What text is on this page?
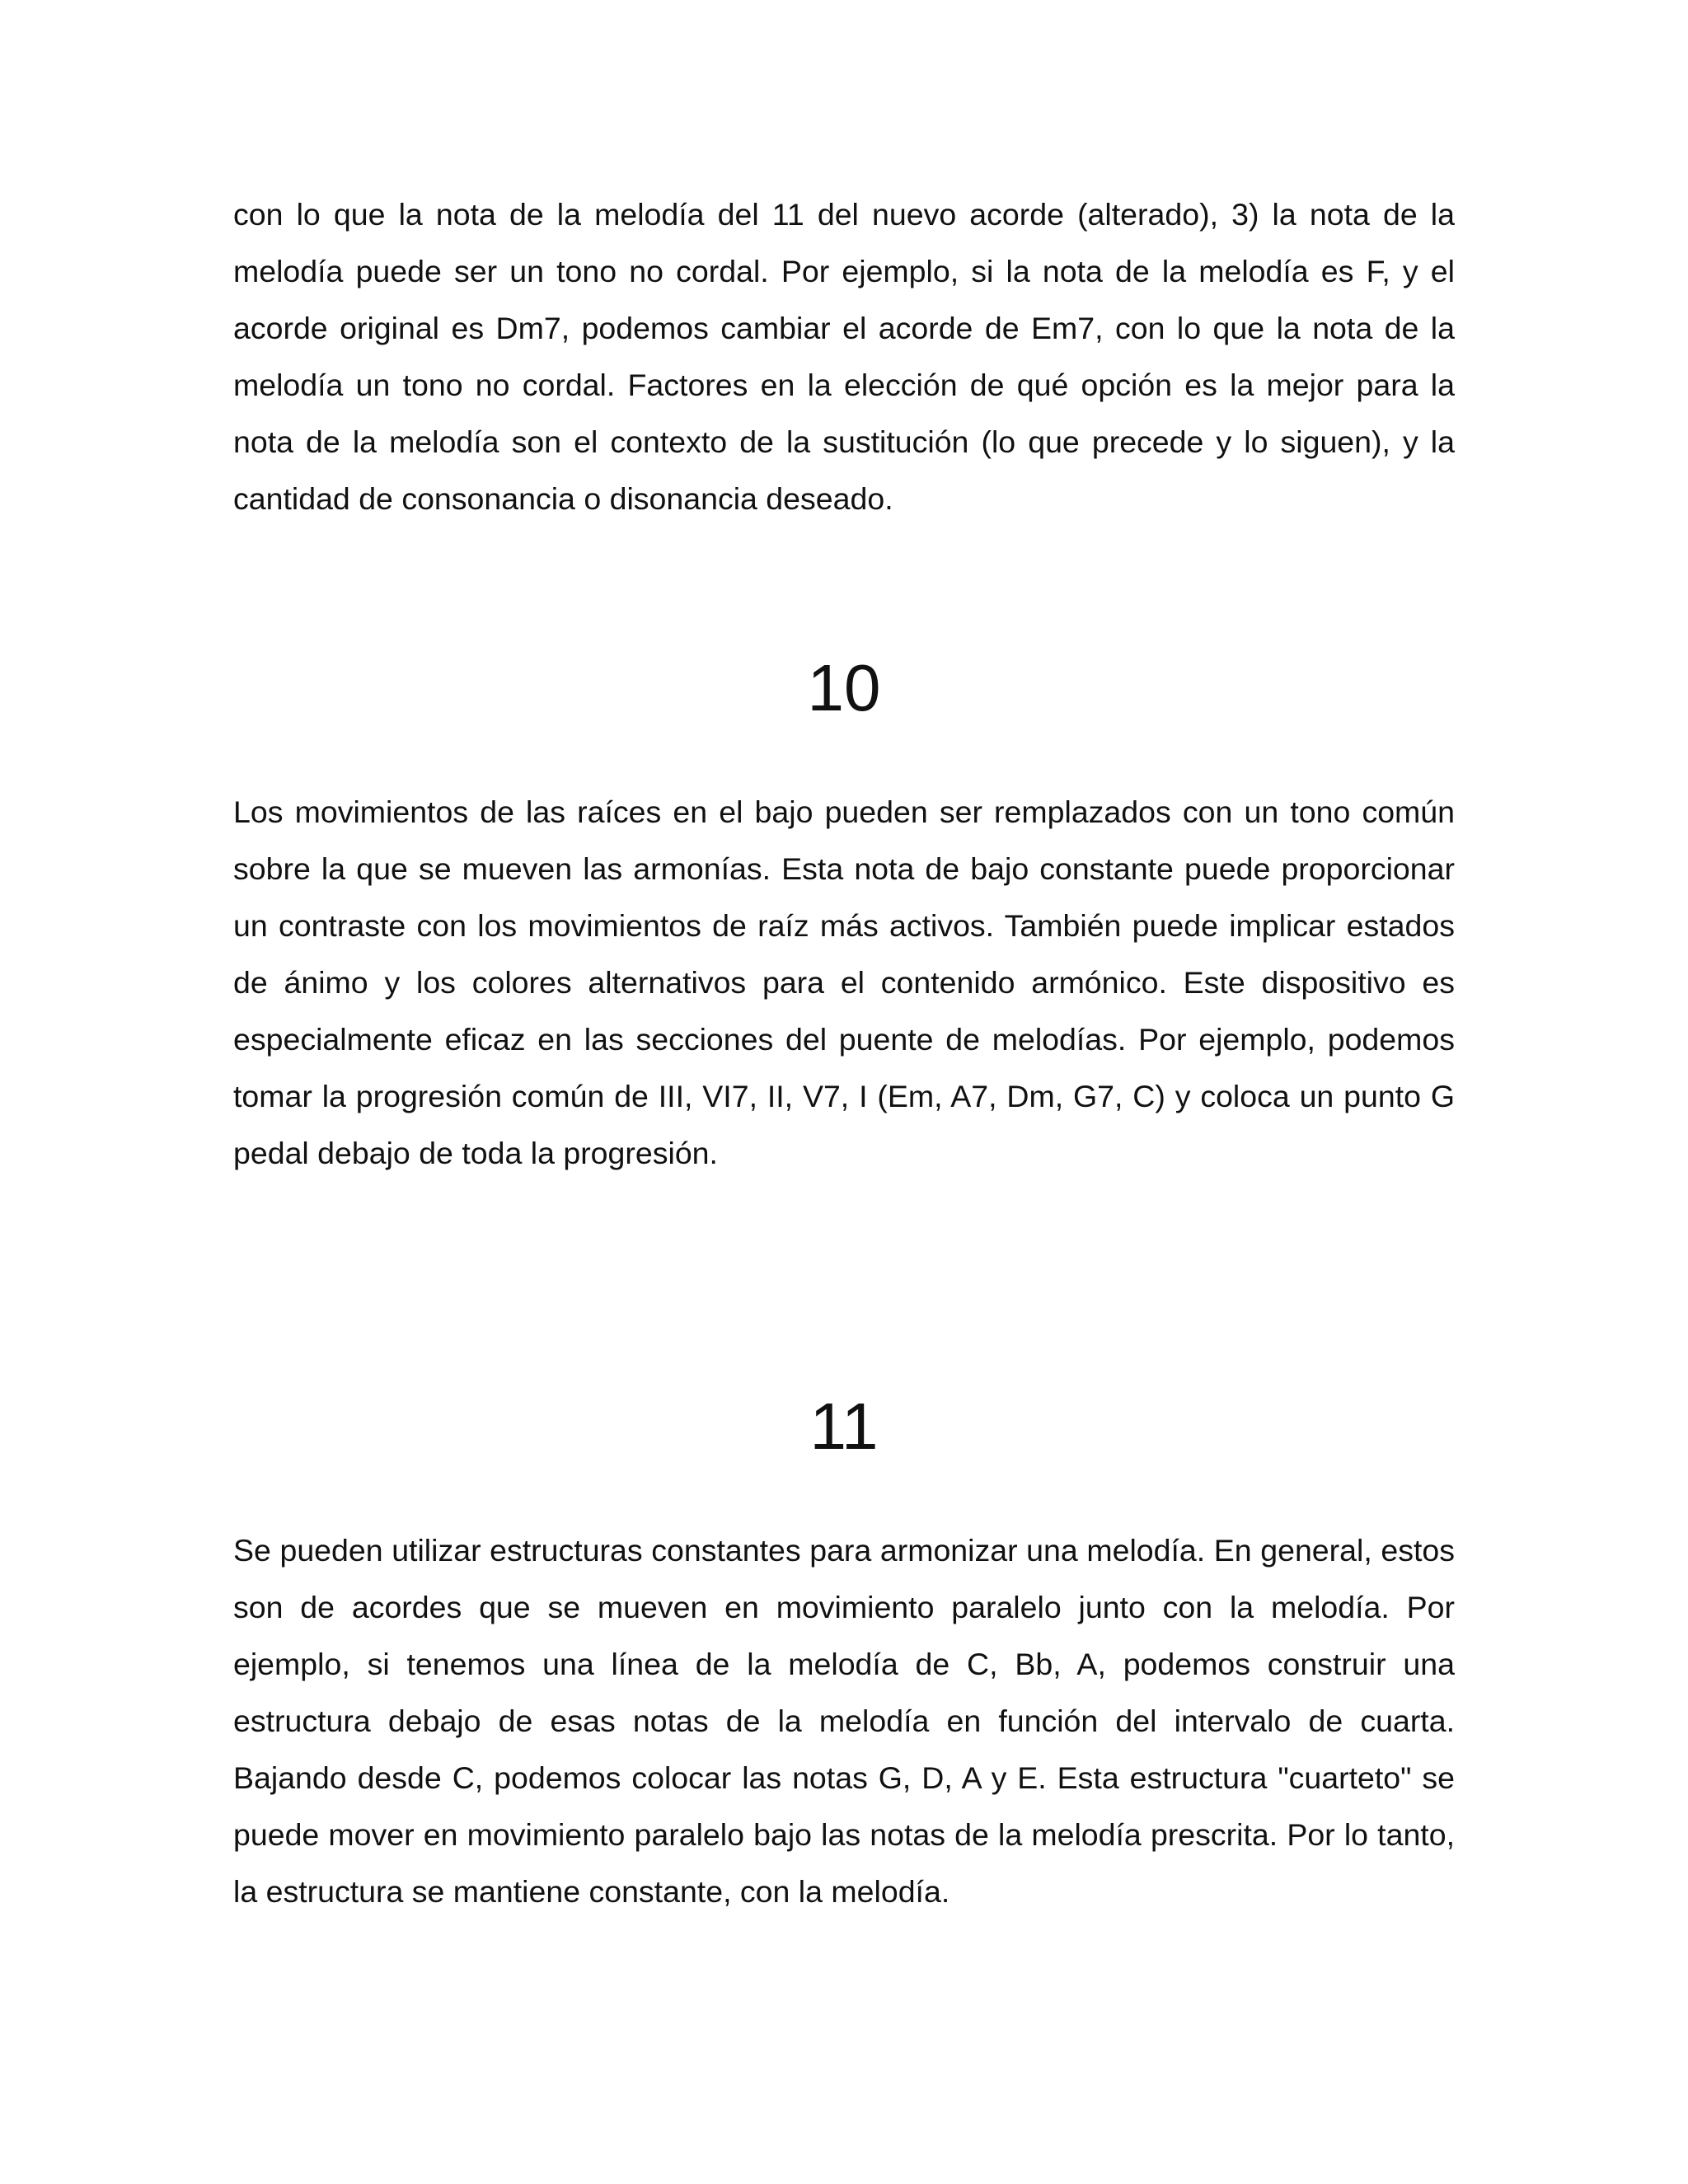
con lo que la nota de la melodía del 11 del nuevo acorde (alterado), 3) la nota de la melodía puede ser un tono no cordal. Por ejemplo, si la nota de la melodía es F, y el acorde original es Dm7, podemos cambiar el acorde de Em7, con lo que la nota de la melodía un tono no cordal. Factores en la elección de qué opción es la mejor para la nota de la melodía son el contexto de la sustitución (lo que precede y lo siguen), y la cantidad de consonancia o disonancia deseado.

10

Los movimientos de las raíces en el bajo pueden ser remplazados con un tono común sobre la que se mueven las armonías. Esta nota de bajo constante puede proporcionar un contraste con los movimientos de raíz más activos. También puede implicar estados de ánimo y los colores alternativos para el contenido armónico. Este dispositivo es especialmente eficaz en las secciones del puente de melodías. Por ejemplo, podemos tomar la progresión común de III, VI7, II, V7, I (Em, A7, Dm, G7, C) y coloca un punto G pedal debajo de toda la progresión.

11

Se pueden utilizar estructuras constantes para armonizar una melodía. En general, estos son de acordes que se mueven en movimiento paralelo junto con la melodía. Por ejemplo, si tenemos una línea de la melodía de C, Bb, A, podemos construir una estructura debajo de esas notas de la melodía en función del intervalo de cuarta. Bajando desde C, podemos colocar las notas G, D, A y E. Esta estructura "cuarteto" se puede mover en movimiento paralelo bajo las notas de la melodía prescrita. Por lo tanto, la estructura se mantiene constante, con la melodía.
